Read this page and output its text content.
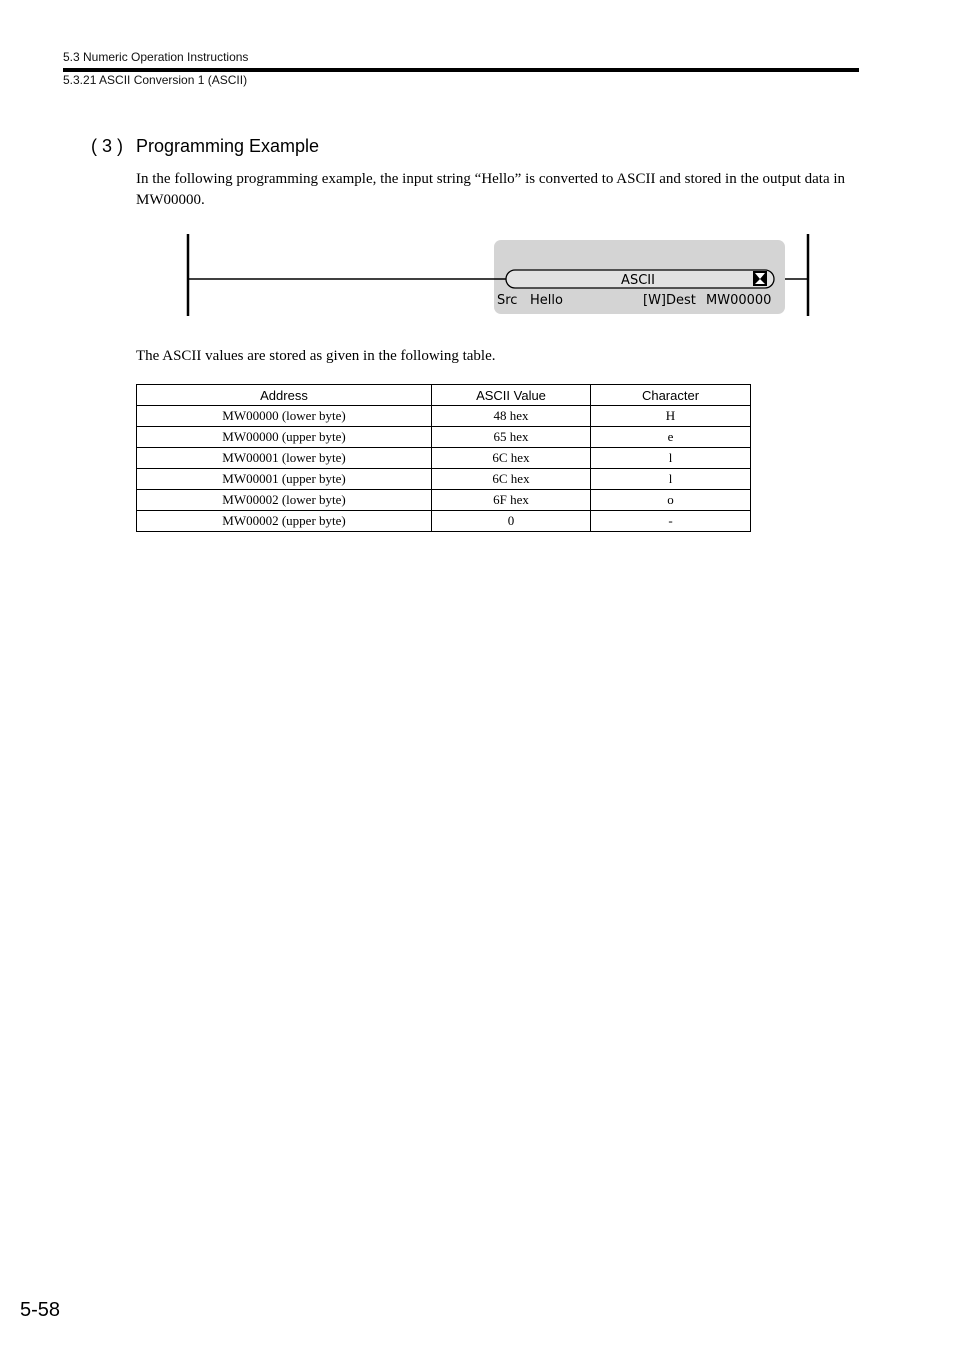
5.3 Numeric Operation Instructions
5.3.21 ASCII Conversion 1 (ASCII)
( 3 ) Programming Example

In the following programming example, the input string “Hello” is converted to ASCII and stored in the output data in MW00000.

ASCII
Src Hello	[W]Dest MW00000

The ASCII values are stored as given in the following table.

Address	ASCII Value	Character
MW00000 (lower byte)	48 hex	H
MW00000 (upper byte)	65 hex	e
MW00001 (lower byte)	6C hex	l
MW00001 (upper byte)	6C hex	l
MW00002 (lower byte)	6F hex	o
MW00002 (upper byte)	0	-
5-58
